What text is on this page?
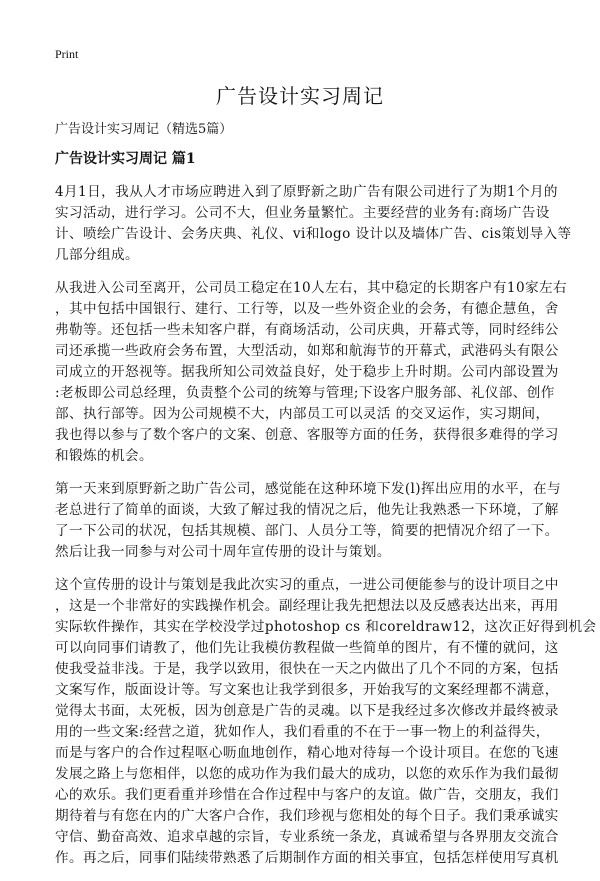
Print
广告设计实习周记
广告设计实习周记（精选5篇）
广告设计实习周记 篇1
4月1日，我从人才市场应聘进入到了原野新之助广告有限公司进行了为期1个月的
实习活动，进行学习。公司不大，但业务量繁忙。主要经营的业务有:商场广告设
计、喷绘广告设计、会务庆典、礼仪、vi和logo 设计以及墙体广告、cis策划导入等
几部分组成。
从我进入公司至离开，公司员工稳定在10人左右，其中稳定的长期客户有10家左右
，其中包括中国银行、建行、工行等，以及一些外资企业的会务，有德企慧鱼，舍
弗勒等。还包括一些未知客户群，有商场活动，公司庆典，开幕式等，同时经纬公
司还承揽一些政府会务布置，大型活动，如郑和航海节的开幕式，武港码头有限公
司成立的开怒视等。据我所知公司效益良好，处于稳步上升时期。公司内部设置为
:老板即公司总经理，负责整个公司的统筹与管理;下设客户服务部、礼仪部、创作
部、执行部等。因为公司规模不大，内部员工可以灵活 的交叉运作，实习期间，
我也得以参与了数个客户的文案、创意、客服等方面的任务，获得很多难得的学习
和锻炼的机会。
第一天来到原野新之助广告公司，感觉能在这种环境下发(l)挥出应用的水平，在与
老总进行了简单的面谈，大致了解过我的情况之后，他先让我熟悉一下环境，了解
了一下公司的状况，包括其规模、部门、人员分工等，简要的把情况介绍了一下。
然后让我一同参与对公司十周年宣传册的设计与策划。
这个宣传册的设计与策划是我此次实习的重点，一进公司便能参与的设计项目之中
，这是一个非常好的实践操作机会。副经理让我先把想法以及反感表达出来，再用
实际软件操作，其实在学校没学过photoshop cs 和coreldraw12，这次正好得到机会
可以向同事们请教了，他们先让我模仿教程做一些简单的图片，有不懂的就问，这
使我受益非浅。于是，我学以致用，很快在一天之内做出了几个不同的方案，包括
文案写作，版面设计等。写文案也让我学到很多，开始我写的文案经理都不满意，
觉得太书面，太死板，因为创意是广告的灵魂。以下是我经过多次修改并最终被录
用的一些文案:经营之道，犹如作人，我们看重的不在于一事一物上的利益得失，
而是与客户的合作过程呕心呖血地创作，精心地对待每一个设计项目。在您的飞速
发展之路上与您相伴，以您的成功作为我们最大的成功，以您的欢乐作为我们最彻
心的欢乐。我们更看重并珍惜在合作过程中与客户的友谊。做广告，交朋友，我们
期待着与有您在内的广大客户合作，我们珍视与您相处的每个日子。我们秉承诚实
守信、勤奋高效、追求卓越的宗旨，专业系统一条龙，真诚希望与各界朋友交流合
作。再之后，同事们陆续带熟悉了后期制作方面的相关事宜，包括怎样使用写真机
